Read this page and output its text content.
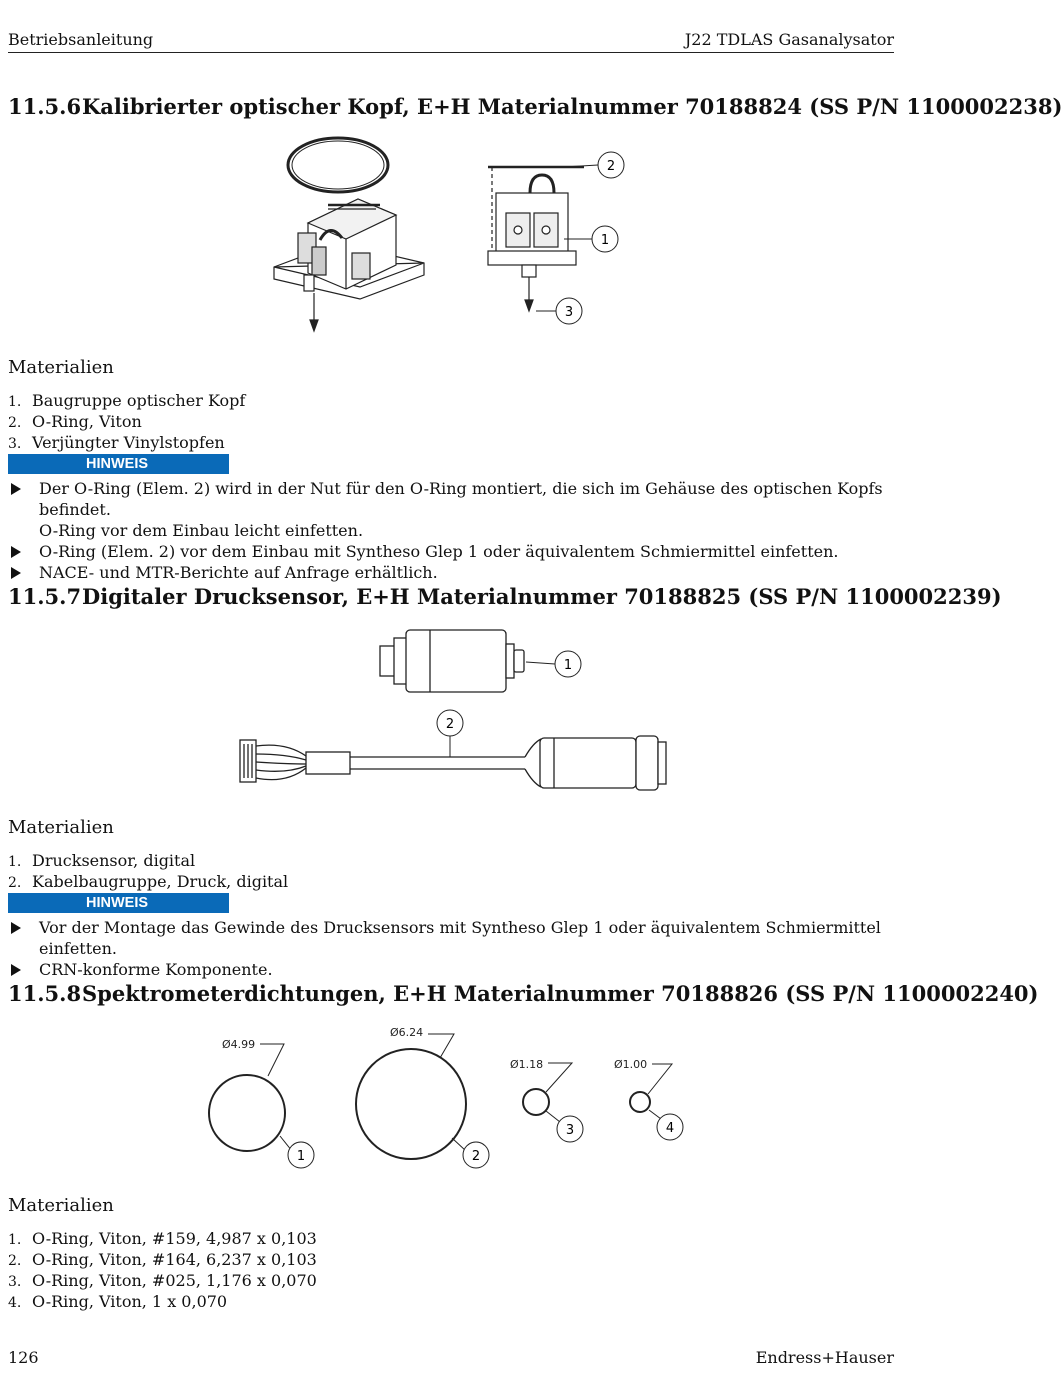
Betriebsanleitung	J22 TDLAS Gasanalysator
11.5.6Kalibrierter optischer Kopf, E+H Materialnummer 70188824 (SS P/N 1100002238)
2
1
3
Materialien
1. Baugruppe optischer Kopf
2. O-Ring, Viton
3. Verjüngter Vinylstopfen
HINWEIS
Der O-Ring (Elem. 2) wird in der Nut für den O-Ring montiert, die sich im Gehäuse des optischen Kopfs befindet.
O-Ring vor dem Einbau leicht einfetten.
O-Ring (Elem. 2) vor dem Einbau mit Syntheso Glep 1 oder äquivalentem Schmiermittel einfetten.
NACE- und MTR-Berichte auf Anfrage erhältlich.
11.5.7Digitaler Drucksensor, E+H Materialnummer 70188825 (SS P/N 1100002239)
1
2
Materialien
1. Drucksensor, digital
2. Kabelbaugruppe, Druck, digital
HINWEIS
Vor der Montage das Gewinde des Drucksensors mit Syntheso Glep 1 oder äquivalentem Schmiermittel einfetten.
CRN-konforme Komponente.
11.5.8Spektrometerdichtungen, E+H Materialnummer 70188826 (SS P/N 1100002240)
Ø4.99
Ø6.24
Ø1.18	Ø1.00
1	2
3	4
Materialien
1. O-Ring, Viton, #159, 4,987 x 0,103
2. O-Ring, Viton, #164, 6,237 x 0,103
3. O-Ring, Viton, #025, 1,176 x 0,070
4. O-Ring, Viton, 1 x 0,070
126	Endress+Hauser
